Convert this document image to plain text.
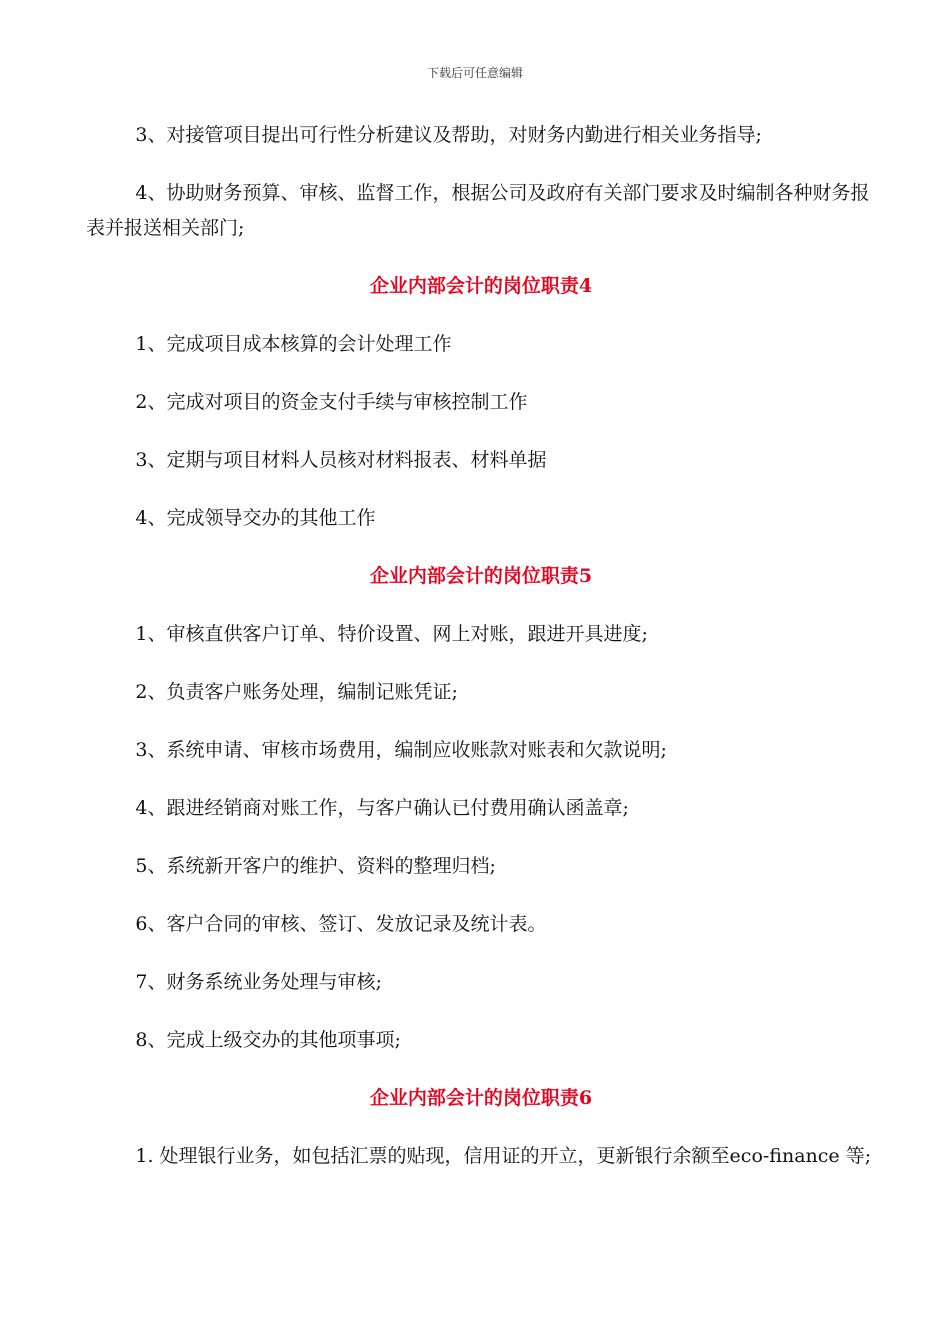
下载后可任意编辑

3、对接管项目提出可行性分析建议及帮助，对财务内勤进行相关业务指导;

4、协助财务预算、审核、监督工作，根据公司及政府有关部门要求及时编制各种财务报表并报送相关部门;

企业内部会计的岗位职责4

1、完成项目成本核算的会计处理工作

2、完成对项目的资金支付手续与审核控制工作

3、定期与项目材料人员核对材料报表、材料单据

4、完成领导交办的其他工作

企业内部会计的岗位职责5

1、审核直供客户订单、特价设置、网上对账，跟进开具进度;

2、负责客户账务处理，编制记账凭证;

3、系统申请、审核市场费用，编制应收账款对账表和欠款说明;

4、跟进经销商对账工作，与客户确认已付费用确认函盖章;

5、系统新开客户的维护、资料的整理归档;

6、客户合同的审核、签订、发放记录及统计表。

7、财务系统业务处理与审核;

8、完成上级交办的其他项事项;

企业内部会计的岗位职责6

1. 处理银行业务，如包括汇票的贴现，信用证的开立，更新银行余额至eco-finance 等;
